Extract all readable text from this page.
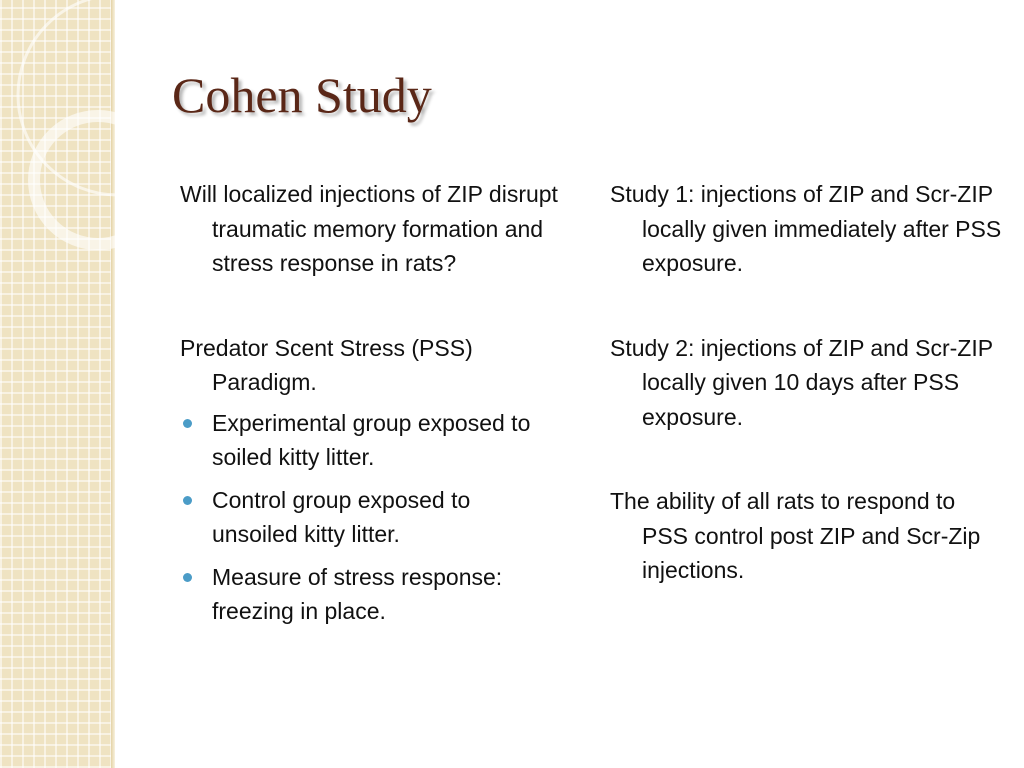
Cohen Study

Will localized injections of ZIP disrupt traumatic memory formation and stress response in rats?

Predator Scent Stress (PSS) Paradigm.

Experimental group exposed to soiled kitty litter.
Control group exposed to unsoiled kitty litter.
Measure of stress response: freezing in place.

Study 1: injections of ZIP and Scr-ZIP locally given immediately after PSS exposure.

Study 2: injections of ZIP and Scr-ZIP locally given 10 days after PSS exposure.

The ability of all rats to respond to PSS control post ZIP and Scr-Zip injections.
